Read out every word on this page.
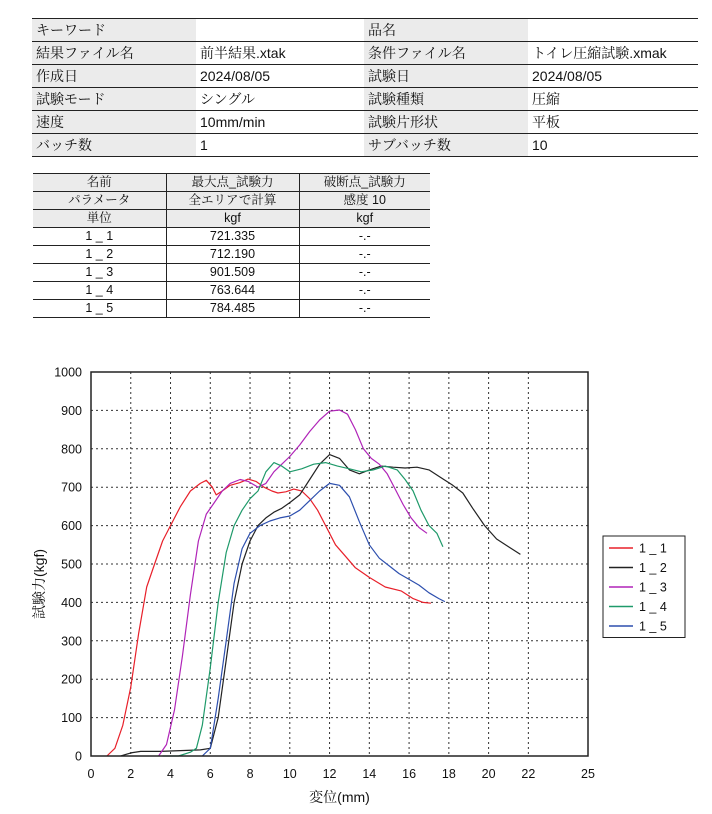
キーワード		品名	
結果ファイル名	前半結果.xtak	条件ファイル名	トイレ圧縮試験.xmak
作成日	2024/08/05	試験日	2024/08/05
試験モード	シングル	試験種類	圧縮
速度	10mm/min	試験片形状	平板
バッチ数	1	サブバッチ数	10
名前	最大点_試験力	破断点_試験力
パラメータ	全エリアで計算	感度 10
単位	kgf	kgf
1 _ 1	721.335	-.-
1 _ 2	712.190	-.-
1 _ 3	901.509	-.-
1 _ 4	763.644	-.-
1 _ 5	784.485	-.-
0	2	4	6	8 10 12 14 16 18 20 22	25
0
100
200
300
400
500
600
700
800
900
1000
変位(mm)
試験力(kgf)
1 _ 1
1 _ 2
1 _ 3
1 _ 4
1 _ 5
